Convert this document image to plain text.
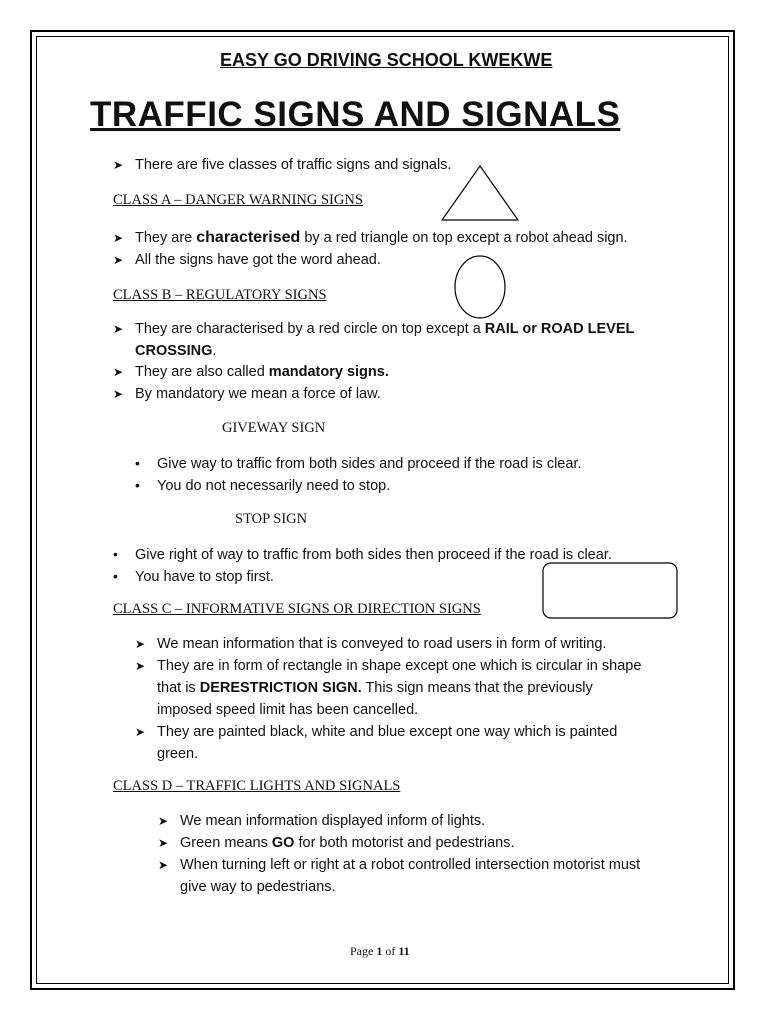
EASY GO DRIVING SCHOOL KWEKWE
TRAFFIC SIGNS AND SIGNALS
➤ There are five classes of traffic signs and signals.
CLASS A – DANGER WARNING SIGNS
➤ They are characterised by a red triangle on top except a robot ahead sign.
➤ All the signs have got the word ahead.
CLASS B – REGULATORY SIGNS
➤ They are characterised by a red circle on top except a RAIL or ROAD LEVEL
CROSSING.
➤ They are also called mandatory signs.
➤ By mandatory we mean a force of law.
GIVEWAY SIGN
• Give way to traffic from both sides and proceed if the road is clear.
• You do not necessarily need to stop.
STOP SIGN
• Give right of way to traffic from both sides then proceed if the road is clear.
• You have to stop first.
CLASS C – INFORMATIVE SIGNS OR DIRECTION SIGNS
➤ We mean information that is conveyed to road users in form of writing.
➤ They are in form of rectangle in shape except one which is circular in shape
that is DERESTRICTION SIGN. This sign means that the previously
imposed speed limit has been cancelled.
➤ They are painted black, white and blue except one way which is painted
green.
CLASS D – TRAFFIC LIGHTS AND SIGNALS
➤ We mean information displayed inform of lights.
➤ Green means GO for both motorist and pedestrians.
➤ When turning left or right at a robot controlled intersection motorist must
give way to pedestrians.
Page 1 of 11
